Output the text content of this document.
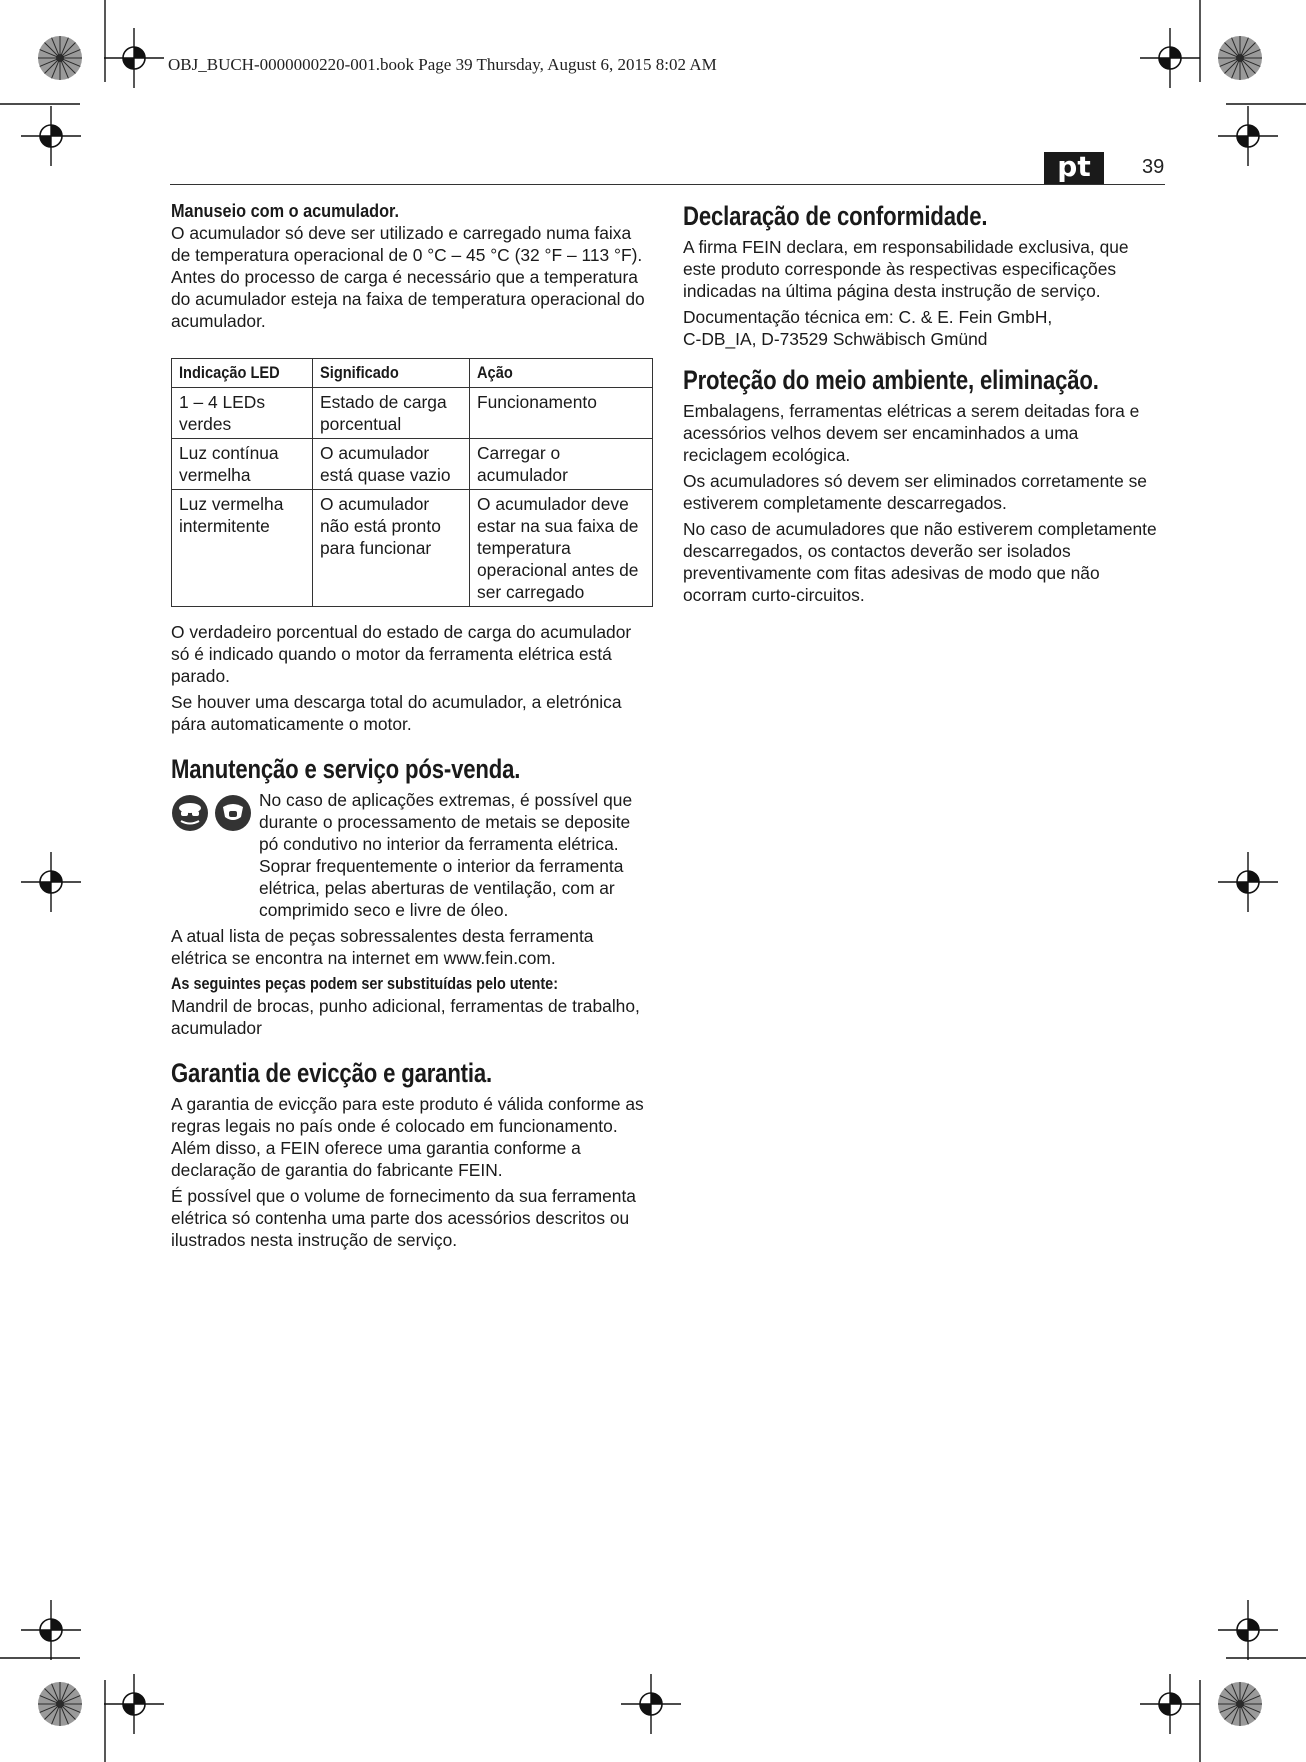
OBJ_BUCH-0000000220-001.book Page 39 Thursday, August 6, 2015 8:02 AM
pt	39
Manuseio com o acumulador.

O acumulador só deve ser utilizado e carregado numa faixa de temperatura operacional de 0 °C – 45 °C (32 °F – 113 °F). Antes do processo de carga é necessário que a temperatura do acumulador esteja na faixa de temperatura operacional do acumulador.

Indicação LED	Significado	Ação
1 – 4 LEDs verdes	Estado de carga porcentual	Funcionamento
Luz contínua vermelha	O acumulador está quase vazio	Carregar o acumulador
Luz vermelha intermitente	O acumulador não está pronto para funcionar	O acumulador deve estar na sua faixa de temperatura operacional antes de ser carregado

O verdadeiro porcentual do estado de carga do acumulador só é indicado quando o motor da ferramenta elétrica está parado.

Se houver uma descarga total do acumulador, a eletrónica pára automaticamente o motor.

Manutenção e serviço pós-venda.

No caso de aplicações extremas, é possível que durante o processamento de metais se deposite pó condutivo no interior da ferramenta elétrica. Soprar frequentemente o interior da ferramenta elétrica, pelas aberturas de ventilação, com ar comprimido seco e livre de óleo.

A atual lista de peças sobressalentes desta ferramenta elétrica se encontra na internet em www.fein.com.

As seguintes peças podem ser substituídas pelo utente:

Mandril de brocas, punho adicional, ferramentas de trabalho, acumulador

Garantia de evicção e garantia.

A garantia de evicção para este produto é válida conforme as regras legais no país onde é colocado em funcionamento. Além disso, a FEIN oferece uma garantia conforme a declaração de garantia do fabricante FEIN.

É possível que o volume de fornecimento da sua ferramenta elétrica só contenha uma parte dos acessórios descritos ou ilustrados nesta instrução de serviço.

Declaração de conformidade.

A firma FEIN declara, em responsabilidade exclusiva, que este produto corresponde às respectivas especificações indicadas na última página desta instrução de serviço.

Documentação técnica em: C. & E. Fein GmbH,
C-DB_IA, D-73529 Schwäbisch Gmünd
Proteção do meio ambiente, eliminação.

Embalagens, ferramentas elétricas a serem deitadas fora e acessórios velhos devem ser encaminhados a uma reciclagem ecológica.

Os acumuladores só devem ser eliminados corretamente se estiverem completamente descarregados.

No caso de acumuladores que não estiverem completamente descarregados, os contactos deverão ser isolados preventivamente com fitas adesivas de modo que não ocorram curto-circuitos.
